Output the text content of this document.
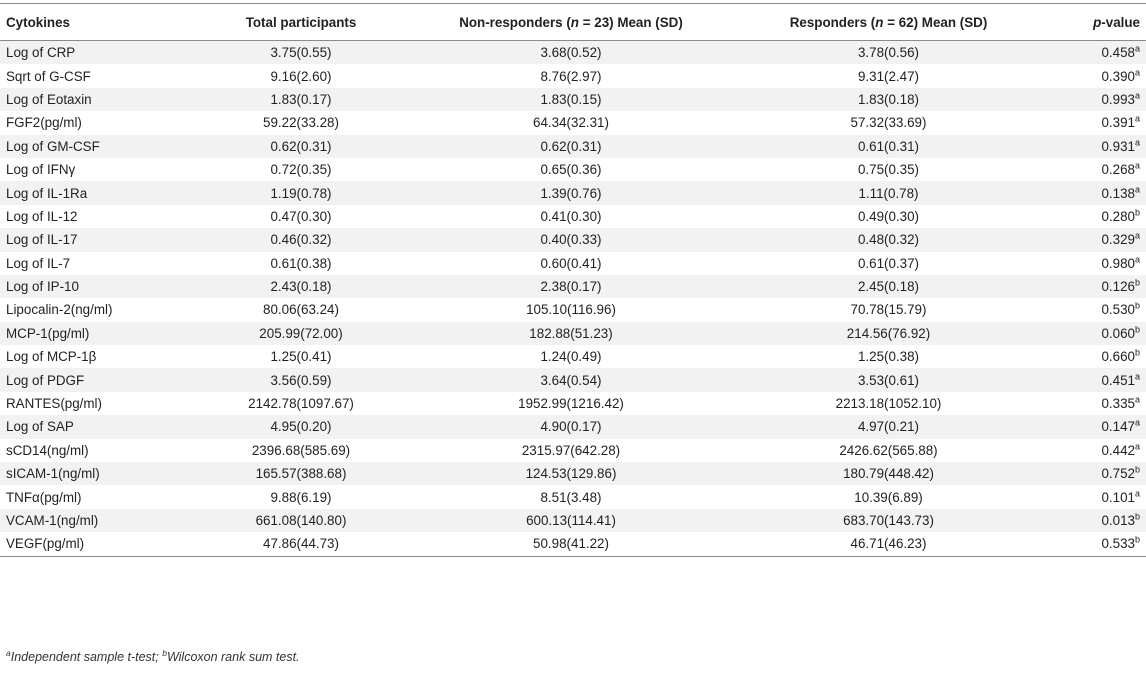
Cytokines	Total participants	Non-responders (n = 23) Mean (SD)	Responders (n = 62) Mean (SD)	p-value
Log of CRP	3.75(0.55)	3.68(0.52)	3.78(0.56)	0.458$^a$
Sqrt of G-CSF	9.16(2.60)	8.76(2.97)	9.31(2.47)	0.390$^a$
Log of Eotaxin	1.83(0.17)	1.83(0.15)	1.83(0.18)	0.993$^a$
FGF2(pg/ml)	59.22(33.28)	64.34(32.31)	57.32(33.69)	0.391$^a$
Log of GM-CSF	0.62(0.31)	0.62(0.31)	0.61(0.31)	0.931$^a$
Log of IFNγ	0.72(0.35)	0.65(0.36)	0.75(0.35)	0.268$^a$
Log of IL-1Ra	1.19(0.78)	1.39(0.76)	1.11(0.78)	0.138$^a$
Log of IL-12	0.47(0.30)	0.41(0.30)	0.49(0.30)	0.280$^b$
Log of IL-17	0.46(0.32)	0.40(0.33)	0.48(0.32)	0.329$^a$
Log of IL-7	0.61(0.38)	0.60(0.41)	0.61(0.37)	0.980$^a$
Log of IP-10	2.43(0.18)	2.38(0.17)	2.45(0.18)	0.126$^b$
Lipocalin-2(ng/ml)	80.06(63.24)	105.10(116.96)	70.78(15.79)	0.530$^b$
MCP-1(pg/ml)	205.99(72.00)	182.88(51.23)	214.56(76.92)	0.060$^b$
Log of MCP-1β	1.25(0.41)	1.24(0.49)	1.25(0.38)	0.660$^b$
Log of PDGF	3.56(0.59)	3.64(0.54)	3.53(0.61)	0.451$^a$
RANTES(pg/ml)	2142.78(1097.67)	1952.99(1216.42)	2213.18(1052.10)	0.335$^a$
Log of SAP	4.95(0.20)	4.90(0.17)	4.97(0.21)	0.147$^a$
sCD14(ng/ml)	2396.68(585.69)	2315.97(642.28)	2426.62(565.88)	0.442$^a$
sICAM-1(ng/ml)	165.57(388.68)	124.53(129.86)	180.79(448.42)	0.752$^b$
TNFα(pg/ml)	9.88(6.19)	8.51(3.48)	10.39(6.89)	0.101$^a$
VCAM-1(ng/ml)	661.08(140.80)	600.13(114.41)	683.70(143.73)	0.013$^b$
VEGF(pg/ml)	47.86(44.73)	50.98(41.22)	46.71(46.23)	0.533$^b$
$^a$Independent sample t-test; $^b$Wilcoxon rank sum test.
